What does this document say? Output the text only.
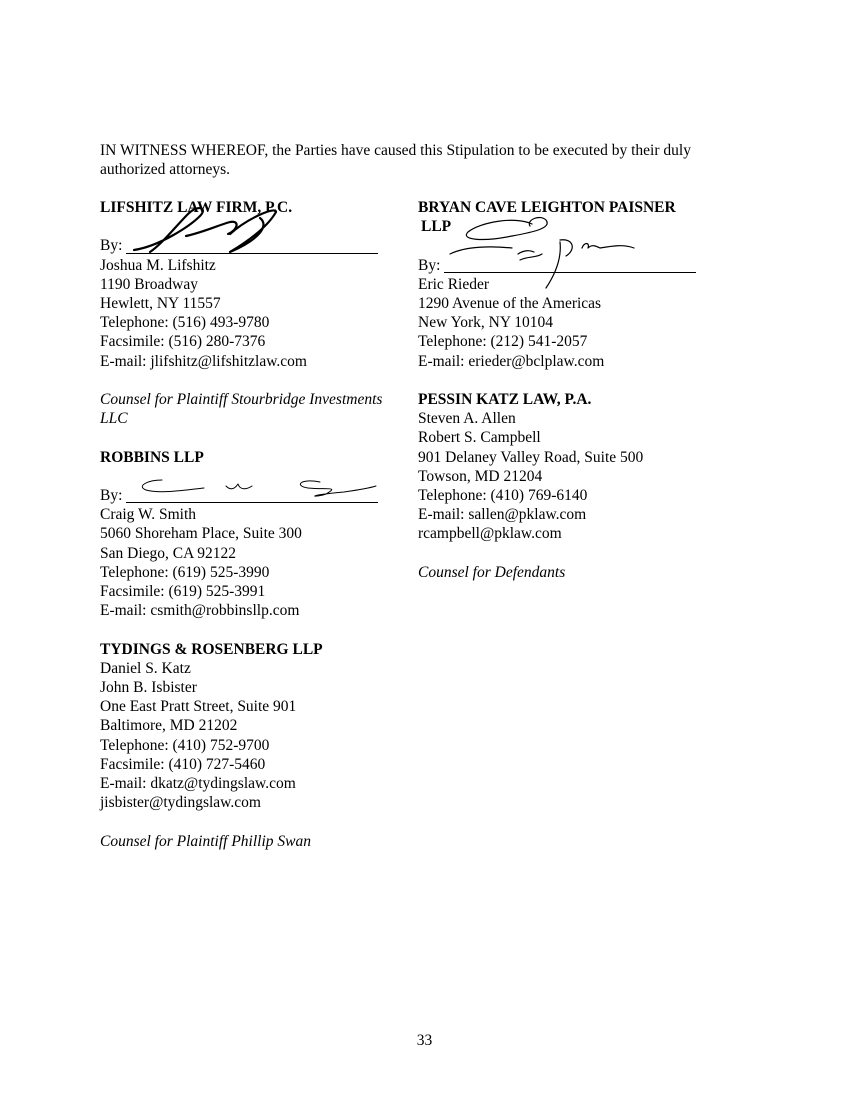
IN WITNESS WHEREOF, the Parties have caused this Stipulation to be executed by their duly authorized attorneys.
LIFSHITZ LAW FIRM, P.C.
By:
Joshua M. Lifshitz
1190 Broadway
Hewlett, NY 11557
Telephone: (516) 493-9780
Facsimile: (516) 280-7376
E-mail: jlifshitz@lifshitzlaw.com
Counsel for Plaintiff Stourbridge Investments LLC
ROBBINS LLP
By:
Craig W. Smith
5060 Shoreham Place, Suite 300
San Diego, CA 92122
Telephone: (619) 525-3990
Facsimile: (619) 525-3991
E-mail: csmith@robbinsllp.com
TYDINGS & ROSENBERG LLP
Daniel S. Katz
John B. Isbister
One East Pratt Street, Suite 901
Baltimore, MD 21202
Telephone: (410) 752-9700
Facsimile: (410) 727-5460
E-mail: dkatz@tydingslaw.com
jisbister@tydingslaw.com
Counsel for Plaintiff Phillip Swan
BRYAN CAVE LEIGHTON PAISNER
LLP
By:
Eric Rieder
1290 Avenue of the Americas
New York, NY 10104
Telephone: (212) 541-2057
E-mail: erieder@bclplaw.com
PESSIN KATZ LAW, P.A.
Steven A. Allen
Robert S. Campbell
901 Delaney Valley Road, Suite 500
Towson, MD 21204
Telephone: (410) 769-6140
E-mail: sallen@pklaw.com
rcampbell@pklaw.com
Counsel for Defendants
33
